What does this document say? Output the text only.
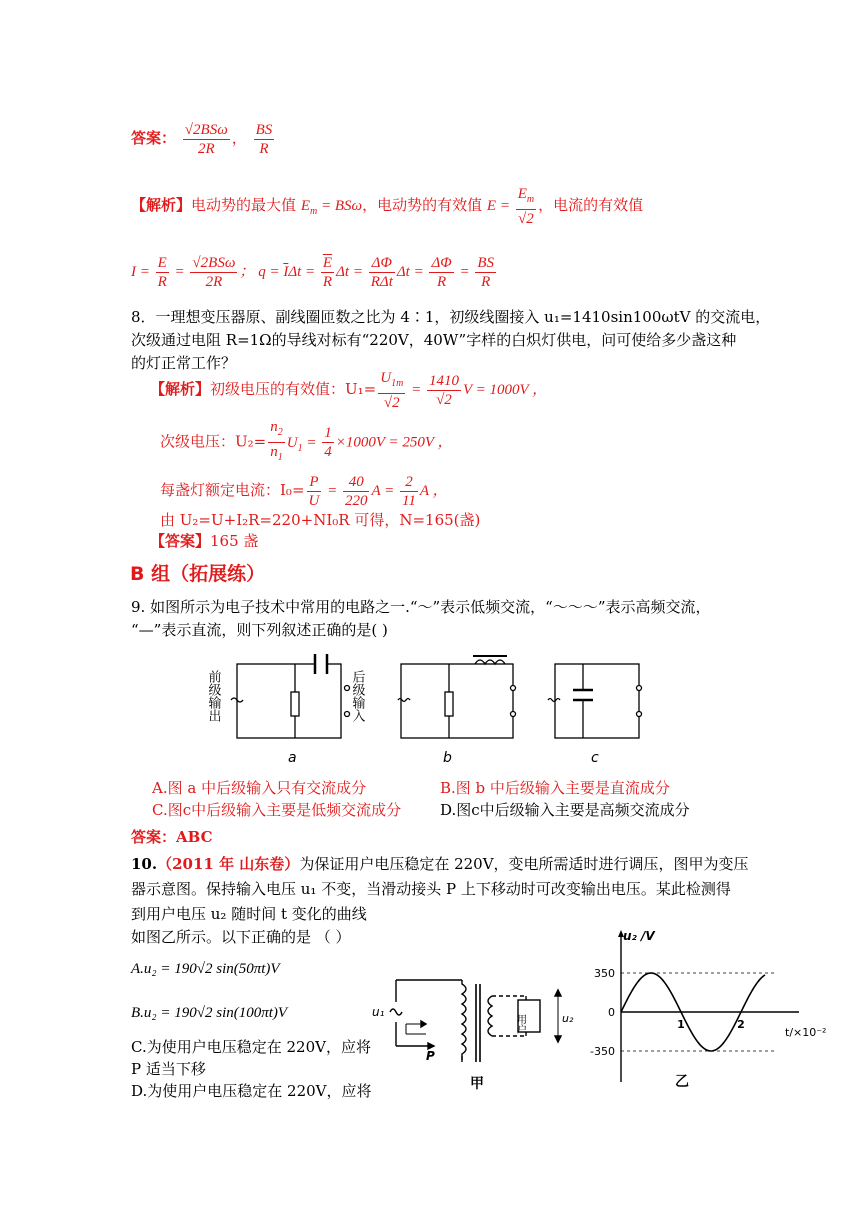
答案： $\frac{\text{√2BSω}}{2R}$ ， $\frac{BS}{R}$
【解析】电动势的最大值 $E_m = BS\omega$，电动势的有效值 $E = \frac{E_m}{√2}$ ，电流的有效值
$I = \frac{E}{R} = \frac{\text{√2BSω}}{2R}$ ； $q = \overline{I}\Delta t = \frac{\overline{E}}{R}$ $\Delta t = \frac{\Delta\Phi}{\text{RΔt}}$ $\Delta t = \frac{\Delta\Phi}{R} = \frac{BS}{R}$
8．一理想变压器原、副线圈匝数之比为 4∶1，初级线圈接入 u₁=1410sin100ωtV 的交流电，
次级通过电阻 R=1Ω的导线对标有“220V，40W”字样的白炽灯供电，问可使给多少盏这种
的灯正常工作？
【解析】初级电压的有效值：$U_1= \frac{U_{1m}}{√2} = \frac{1410}{√2}$ V = 1000V ，
次级电压：$U_2= \frac{n_2}{n_1} U_1 = \frac{1}{4} \times 1000V = 250V$ ，
每盏灯额定电流：$I_0= \frac{P}{U} = \frac{40}{220}$ $A = \frac{2}{11}$ A ，
由 U₂=U+I₂R=220+NI₀R 可得，N=165(盏)
【答案】165 盏
B 组（拓展练）
9. 如图所示为电子技术中常用的电路之一.“～”表示低频交流，“～～～”表示高频交流，
“—”表示直流，则下列叙述正确的是( )
前级输出	后级输入
a	b	c
A.图 a 中后级输入只有交流成分	B.图 b 中后级输入主要是直流成分
C.图c中后级输入主要是低频交流成分	D.图c中后级输入主要是高频交流成分
答案：ABC
10.（2011 年 山东卷）为保证用户电压稳定在 220V，变电所需适时进行调压，图甲为变压
器示意图。保持输入电压 u₁ 不变，当滑动接头 P 上下移动时可改变输出电压。某此检测得
到用户电压 u₂ 随时间 t 变化的曲线
如图乙所示。以下正确的是 （ ）
A.u₂ = 190√2 sin(50πt)V
B.u₂ = 190√2 sin(100πt)V
C.为使用户电压稳定在 220V，应将
P 适当下移
D.为使用户电压稳定在 220V，应将
u₁
P
用户	u₂
甲
u₂ /V
t/×10⁻²
350
0
-350
1	2
乙
